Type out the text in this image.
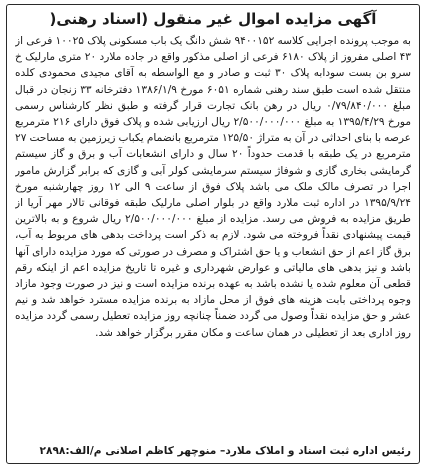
آگهی مزایده اموال غیر منقول (اسناد رهنی(

به موجب پرونده اجرایی کلاسه ۹۴۰۰۱۵۲ شش دانگ یک باب مسکونی پلاک ۱۰۰۲۵ فرعی از ۴۳ اصلی مفروز از پلاک ۶۱۸۰ فرعی از اصلی مذکور واقع در جاده ملارد ۲۰ متری مارلیک خ سرو بن بست سودابه پلاک ۳۰ ثبت و صادر و مع الواسطه به آقای مجیدی محمودی کلده منتقل شده است طبق سند رهنی شماره ۶۰۵۱ مورخ ۱۳۸۶/۱/۹ دفترخانه ۳۳ زنجان در قبال مبلغ ۰/۷۹/۸۴۰/۰۰۰ ریال در رهن بانک تجارت قرار گرفته و طبق نظر کارشناس رسمی مورخ ۱۳۹۵/۴/۲۹ به مبلغ ۲/۵۰۰/۰۰۰/۰۰۰ ریال ارزیابی شده و پلاک فوق دارای ۲۱۶ مترمربع عرصه با بنای احداثی در آن به متراژ ۱۲۵/۵۰ مترمربع بانضمام یکباب زیرزمین به مساحت ۲۷ مترمربع در یک طبقه با قدمت حدوداً ۲۰ سال و دارای انشعابات آب و برق و گاز سیستم گرمایشی بخاری گازی و شوفاژ سیستم سرمایشی کولر آبی و گازی که برابر گزارش مامور اجرا در تصرف مالک ملک می باشد پلاک فوق از ساعت ۹ الی ۱۲ روز چهارشنبه مورخ ۱۳۹۵/۹/۲۴ در اداره ثبت ملارد واقع در بلوار اصلی مارلیک طبقه فوقانی تالار مهر آریا از طریق مزایده به فروش می رسد. مزایده از مبلغ ۲/۵۰۰/۰۰۰/۰۰۰ ریال شروع و به بالاترین قیمت پیشنهادی نقداً فروخته می شود. لازم به ذکر است پرداخت بدهی های مربوط به آب، برق گاز اعم از حق انشعاب و یا حق اشتراک و مصرف در صورتی که مورد مزایده دارای آنها باشد و نیز بدهی های مالیاتی و عوارض شهرداری و غیره تا تاریخ مزایده اعم از اینکه رقم قطعی آن معلوم شده یا نشده باشد به عهده برنده مزایده است و نیز در صورت وجود مازاد وجوه پرداختی بابت هزینه های فوق از محل مازاد به برنده مزایده مسترد خواهد شد و نیم عشر و حق مزایده نقداً وصول می گردد ضمناً چنانچه روز مزایده تعطیل رسمی گردد مزایده روز اداری بعد از تعطیلی در همان ساعت و مکان مقرر برگزار خواهد شد.

رئیس اداره ثبت اسناد و املاک ملارد– منوچهر کاظم اصلانی م/الف:۲۸۹۸
